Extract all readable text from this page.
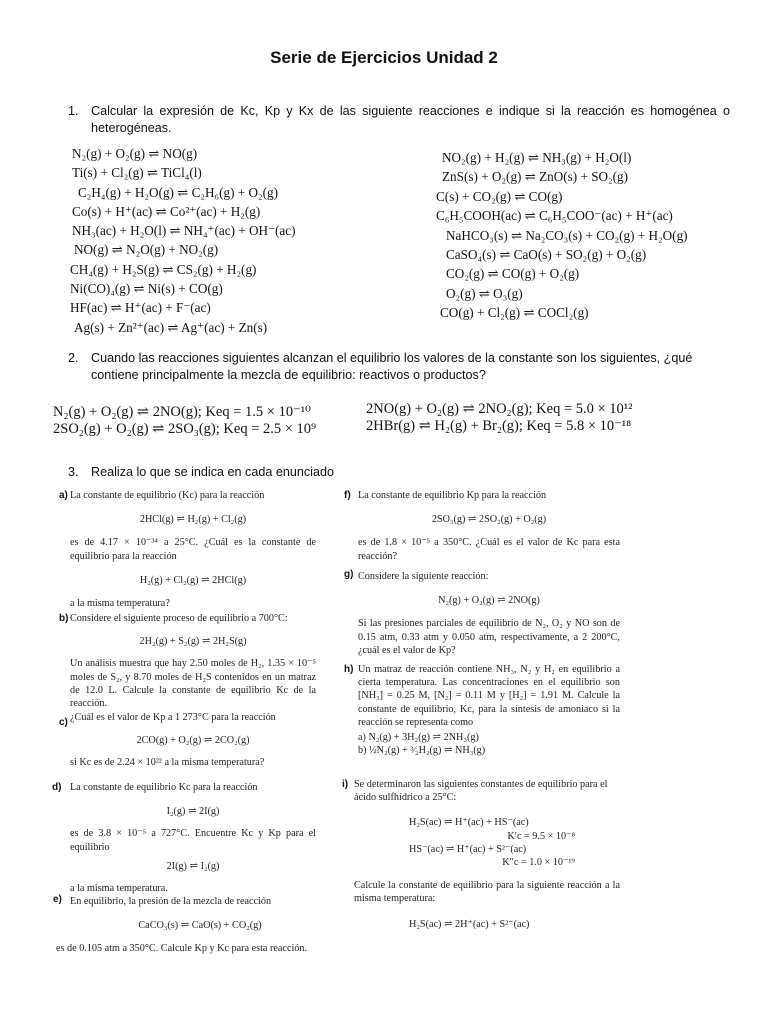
Serie de Ejercicios Unidad 2
1. Calcular la expresión de Kc, Kp y Kx de las siguiente reacciones e indique si la reacción es homogénea o heterogéneas.
N₂(g) + O₂(g) ⇌ NO(g)
Ti(s) + Cl₂(g) ⇌ TiCl₄(l)
C₂H₄(g) + H₂O(g) ⇌ C₂H₆(g) + O₂(g)
Co(s) + H⁺(ac) ⇌ Co²⁺(ac) + H₂(g)
NH₃(ac) + H₂O(l) ⇌ NH₄⁺(ac) + OH⁻(ac)
NO(g) ⇌ N₂O(g) + NO₂(g)
CH₄(g) + H₂S(g) ⇌ CS₂(g) + H₂(g)
Ni(CO)₄(g) ⇌ Ni(s) + CO(g)
HF(ac) ⇌ H⁺(ac) + F⁻(ac)
Ag(s) + Zn²⁺(ac) ⇌ Ag⁺(ac) + Zn(s)
NO₂(g) + H₂(g) ⇌ NH₃(g) + H₂O(l)
ZnS(s) + O₂(g) ⇌ ZnO(s) + SO₂(g)
C(s) + CO₂(g) ⇌ CO(g)
C₆H₅COOH(ac) ⇌ C₆H₅COO⁻(ac) + H⁺(ac)
NaHCO₃(s) ⇌ Na₂CO₃(s) + CO₂(g) + H₂O(g)
CaSO₄(s) ⇌ CaO(s) + SO₂(g) + O₂(g)
CO₂(g) ⇌ CO(g) + O₂(g)
O₂(g) ⇌ O₃(g)
CO(g) + Cl₂(g) ⇌ COCl₂(g)
2. Cuando las reacciones siguientes alcanzan el equilibrio los valores de la constante son los siguientes, ¿qué contiene principalmente la mezcla de equilibrio: reactivos o productos?
N₂(g) + O₂(g) ⇌ 2NO(g); Keq = 1.5 × 10⁻¹⁰
2SO₂(g) + O₂(g) ⇌ 2SO₃(g); Keq = 2.5 × 10⁹
2NO(g) + O₂(g) ⇌ 2NO₂(g); Keq = 5.0 × 10¹²
2HBr(g) ⇌ H₂(g) + Br₂(g); Keq = 5.8 × 10⁻¹⁸
3. Realiza lo que se indica en cada enunciado
a) La constante de equilibrio (Kc) para la reacción

2HCl(g) ⇌ H₂(g) + Cl₂(g)

es de 4.17 × 10⁻³⁴ a 25°C. ¿Cuál es la constante de equilibrio para la reacción

H₂(g) + Cl₂(g) ⇌ 2HCl(g)

a la misma temperatura?

b) Considere el siguiente proceso de equilibrio a 700°C:

2H₂(g) + S₂(g) ⇌ 2H₂S(g)

Un análisis muestra que hay 2.50 moles de H₂, 1.35 × 10⁻⁵ moles de S₂, y 8.70 moles de H₂S contenidos en un matraz de 12.0 L. Calcule la constante de equilibrio Kc de la reacción.

c) ¿Cuál es el valor de Kp a 1 273°C para la reacción

2CO(g) + O₂(g) ⇌ 2CO₂(g)

si Kc es de 2.24 × 10²² a la misma temperatura?

d) La constante de equilibrio Kc para la reacción

I₂(g) ⇌ 2I(g)

es de 3.8 × 10⁻⁵ a 727°C. Encuentre Kc y Kp para el equilibrio

2I(g) ⇌ I₂(g)

a la misma temperatura.

e) En equilibrio, la presión de la mezcla de reacción

CaCO₃(s) ⇌ CaO(s) + CO₂(g)

es de 0.105 atm a 350°C. Calcule Kp y Kc para esta reacción.

f) La constante de equilibrio Kp para la reacción

2SO₃(g) ⇌ 2SO₂(g) + O₂(g)

es de 1.8 × 10⁻⁵ a 350°C. ¿Cuál es el valor de Kc para esta reacción?

g) Considere la siguiente reacción:

N₂(g) + O₂(g) ⇌ 2NO(g)

Si las presiones parciales de equilibrio de N₂, O₂ y NO son de 0.15 atm, 0.33 atm y 0.050 atm, respectivamente, a 2 200°C, ¿cuál es el valor de Kp?

h) Un matraz de reacción contiene NH₃, N₂ y H₂ en equilibrio a cierta temperatura. Las concentraciones en el equilibrio son [NH₃] = 0.25 M, [N₂] = 0.11 M y [H₂] = 1.91 M. Calcule la constante de equilibrio, Kc, para la síntesis de amoniaco si la reacción se representa como

a) N₂(g) + 3H₂(g) ⇌ 2NH₃(g)

b) ½N₂(g) + ³⁄₂H₂(g) ⇌ NH₃(g)

i) Se determinaron las siguientes constantes de equilibrio para el ácido sulfhídrico a 25°C:

H₂S(ac) ⇌ H⁺(ac) + HS⁻(ac)

K′c = 9.5 × 10⁻⁸

HS⁻(ac) ⇌ H⁺(ac) + S²⁻(ac)

K″c = 1.0 × 10⁻¹⁹

Calcule la constante de equilibrio para la siguiente reacción a la misma temperatura:

H₂S(ac) ⇌ 2H⁺(ac) + S²⁻(ac)
